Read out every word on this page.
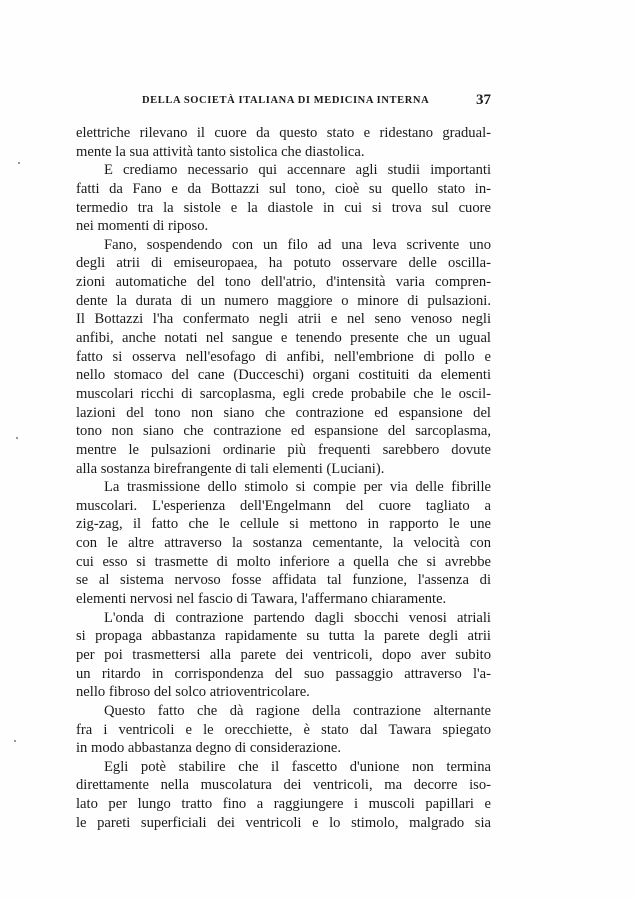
DELLA SOCIETÀ ITALIANA DI MEDICINA INTERNA	37
elettriche rilevano il cuore da questo stato e ridestano gradual-
mente la sua attività tanto sistolica che diastolica.
E crediamo necessario qui accennare agli studii importanti
fatti da Fano e da Bottazzi sul tono, cioè su quello stato in-
termedio tra la sistole e la diastole in cui si trova sul cuore
nei momenti di riposo.
Fano, sospendendo con un filo ad una leva scrivente uno
degli atrii di emiseuropaea, ha potuto osservare delle oscilla-
zioni automatiche del tono dell'atrio, d'intensità varia compren-
dente la durata di un numero maggiore o minore di pulsazioni.
Il Bottazzi l'ha confermato negli atrii e nel seno venoso negli
anfibi, anche notati nel sangue e tenendo presente che un ugual
fatto si osserva nell'esofago di anfibi, nell'embrione di pollo e
nello stomaco del cane (Ducceschi) organi costituiti da elementi
muscolari ricchi di sarcoplasma, egli crede probabile che le oscil-
lazioni del tono non siano che contrazione ed espansione del
tono non siano che contrazione ed espansione del sarcoplasma,
mentre le pulsazioni ordinarie più frequenti sarebbero dovute
alla sostanza birefrangente di tali elementi (Luciani).
La trasmissione dello stimolo si compie per via delle fibrille
muscolari. L'esperienza dell'Engelmann del cuore tagliato a
zig-zag, il fatto che le cellule si mettono in rapporto le une
con le altre attraverso la sostanza cementante, la velocità con
cui esso si trasmette di molto inferiore a quella che si avrebbe
se al sistema nervoso fosse affidata tal funzione, l'assenza di
elementi nervosi nel fascio di Tawara, l'affermano chiaramente.
L'onda di contrazione partendo dagli sbocchi venosi atriali
si propaga abbastanza rapidamente su tutta la parete degli atrii
per poi trasmettersi alla parete dei ventricoli, dopo aver subito
un ritardo in corrispondenza del suo passaggio attraverso l'a-
nello fibroso del solco atrioventricolare.
Questo fatto che dà ragione della contrazione alternante
fra i ventricoli e le orecchiette, è stato dal Tawara spiegato
in modo abbastanza degno di considerazione.
Egli potè stabilire che il fascetto d'unione non termina
direttamente nella muscolatura dei ventricoli, ma decorre iso-
lato per lungo tratto fino a raggiungere i muscoli papillari e
le pareti superficiali dei ventricoli e lo stimolo, malgrado sia
